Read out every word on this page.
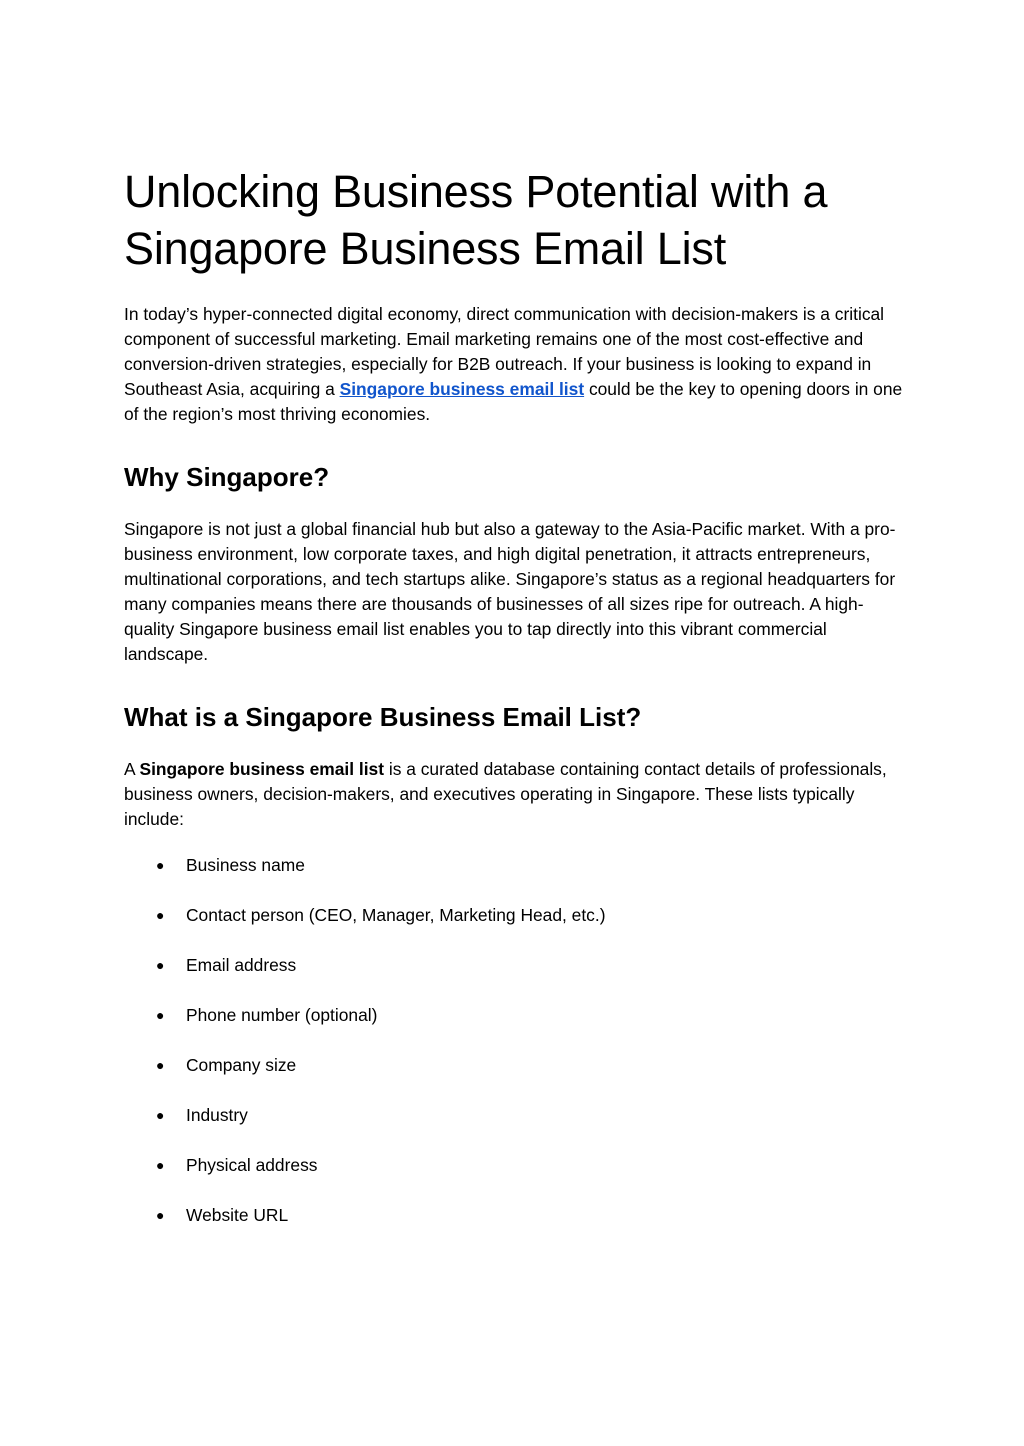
Unlocking Business Potential with a
Singapore Business Email List

In today’s hyper-connected digital economy, direct communication with decision-makers is a critical component of successful marketing. Email marketing remains one of the most cost-effective and conversion-driven strategies, especially for B2B outreach. If your business is looking to expand in Southeast Asia, acquiring a Singapore business email list could be the key to opening doors in one of the region’s most thriving economies.

Why Singapore?

Singapore is not just a global financial hub but also a gateway to the Asia-Pacific market. With a pro-business environment, low corporate taxes, and high digital penetration, it attracts entrepreneurs, multinational corporations, and tech startups alike. Singapore’s status as a regional headquarters for many companies means there are thousands of businesses of all sizes ripe for outreach. A high-quality Singapore business email list enables you to tap directly into this vibrant commercial landscape.

What is a Singapore Business Email List?

A Singapore business email list is a curated database containing contact details of professionals, business owners, decision-makers, and executives operating in Singapore. These lists typically include:

● Business name
● Contact person (CEO, Manager, Marketing Head, etc.)
● Email address
● Phone number (optional)
● Company size
● Industry
● Physical address
● Website URL
